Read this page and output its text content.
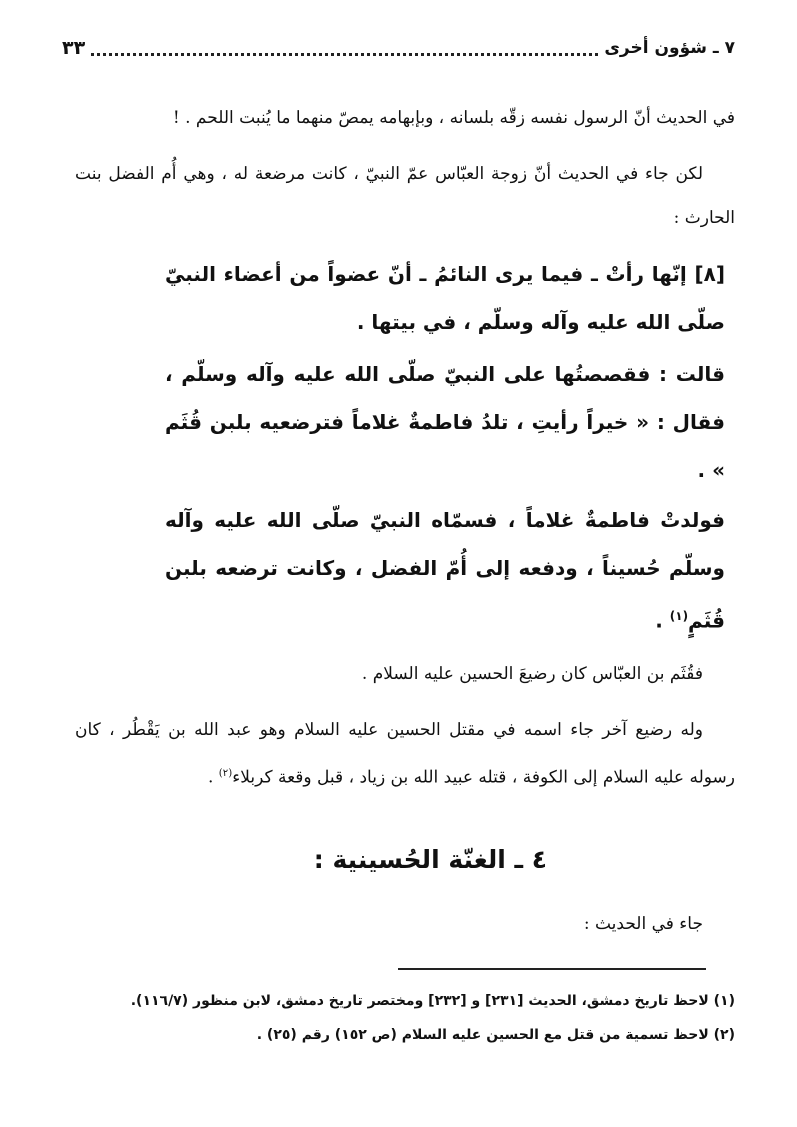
٧ ـ شؤون أخرى
٣٣
في الحديث أنّ الرسول نفسه زقّه بلسانه ، وبإبهامه يمصّ منهما ما يُنبت اللحم . !
لكن جاء في الحديث أنّ زوجة العبّاس عمّ النبيّ ، كانت مرضعة له ، وهي أُم الفضل بنت الحارث :
[٨] إنّها رأتْ ـ فيما يرى النائمُ ـ أنّ عضواً من أعضاء النبيّ صلّى الله عليه وآله وسلّم ، في بيتها .
قالت : فقصصتُها على النبيّ صلّى الله عليه وآله وسلّم ، فقال : « خيراً رأيتِ ، تلدُ فاطمةٌ غلاماً فترضعيه بلبن قُثَم » .
فولدتْ فاطمةٌ غلاماً ، فسمّاه النبيّ صلّى الله عليه وآله وسلّم حُسيناً ، ودفعه إلى أُمّ الفضل ، وكانت ترضعه بلبن قُثَمٍ$^{(١)}$ .
فقُثَم بن العبّاس كان رضيعَ الحسين عليه السلام .
وله رضيع آخر جاء اسمه في مقتل الحسين عليه السلام وهو عبد الله بن يَقْطُر ، كان رسوله عليه السلام إلى الكوفة ، قتله عبيد الله بن زياد ، قبل وقعة كربلاء$^{(٢)}$ .
٤ ـ الغنّة الحُسينية :
جاء في الحديث :
(١) لاحظ تاريخ دمشق، الحديث [٢٣١] و [٢٣٢] ومختصر تاريخ دمشق، لابن منظور (١١٦/٧).
(٢) لاحظ تسمية من قتل مع الحسين عليه السلام (ص ١٥٢) رقم (٢٥) .
